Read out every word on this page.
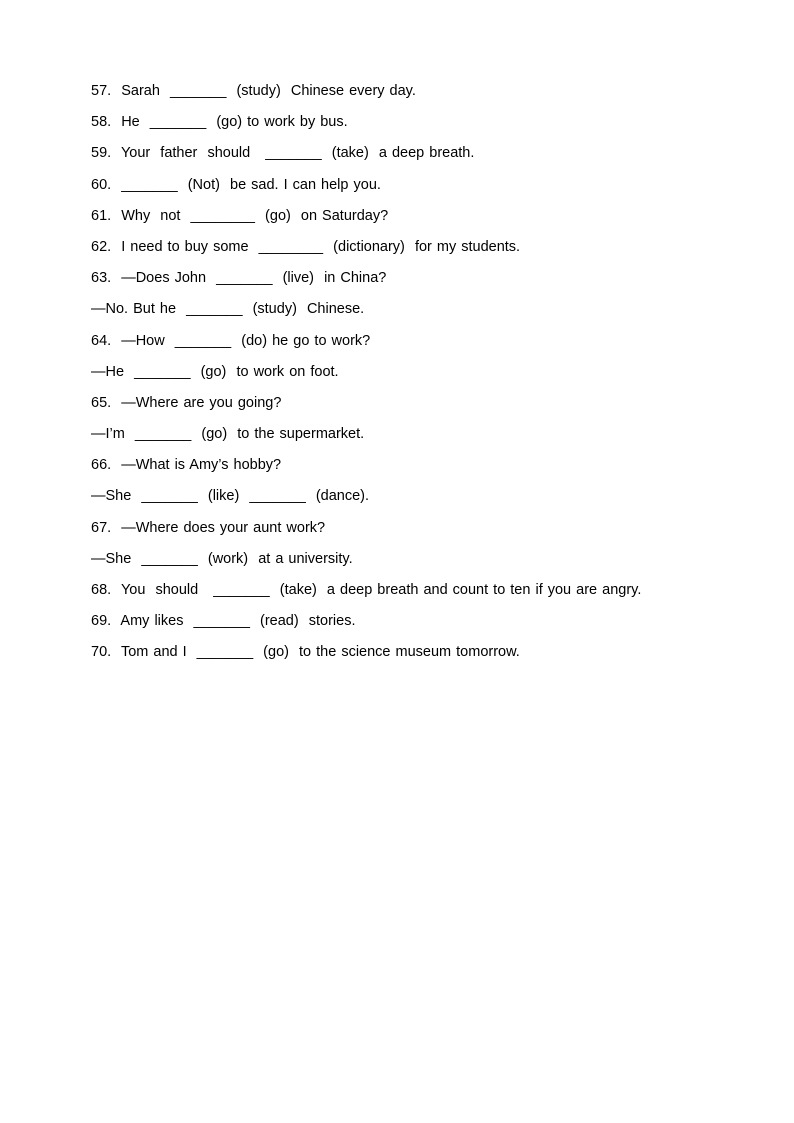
57.  Sarah  _______  (study)  Chinese every day.
58.  He  _______  (go) to work by bus.
59.  Your  father  should   _______  (take)  a deep breath.
60.  _______  (Not)  be sad. I can help you.
61.  Why  not  ________  (go)  on Saturday?
62.  I need to buy some  ________  (dictionary)  for my students.
63.  —Does John  _______  (live)  in China?
—No. But he  _______  (study)  Chinese.
64.  —How  _______  (do) he go to work?
—He  _______  (go)  to work on foot.
65.  —Where are you going?
—I’m  _______  (go)  to the supermarket.
66.  —What is Amy’s hobby?
—She  _______  (like)  _______  (dance).
67.  —Where does your aunt work?
—She  _______  (work)  at a university.
68.  You  should   _______  (take)  a deep breath and count to ten if you are angry.
69.  Amy likes  _______  (read)  stories.
70.  Tom and I  _______  (go)  to the science museum tomorrow.
